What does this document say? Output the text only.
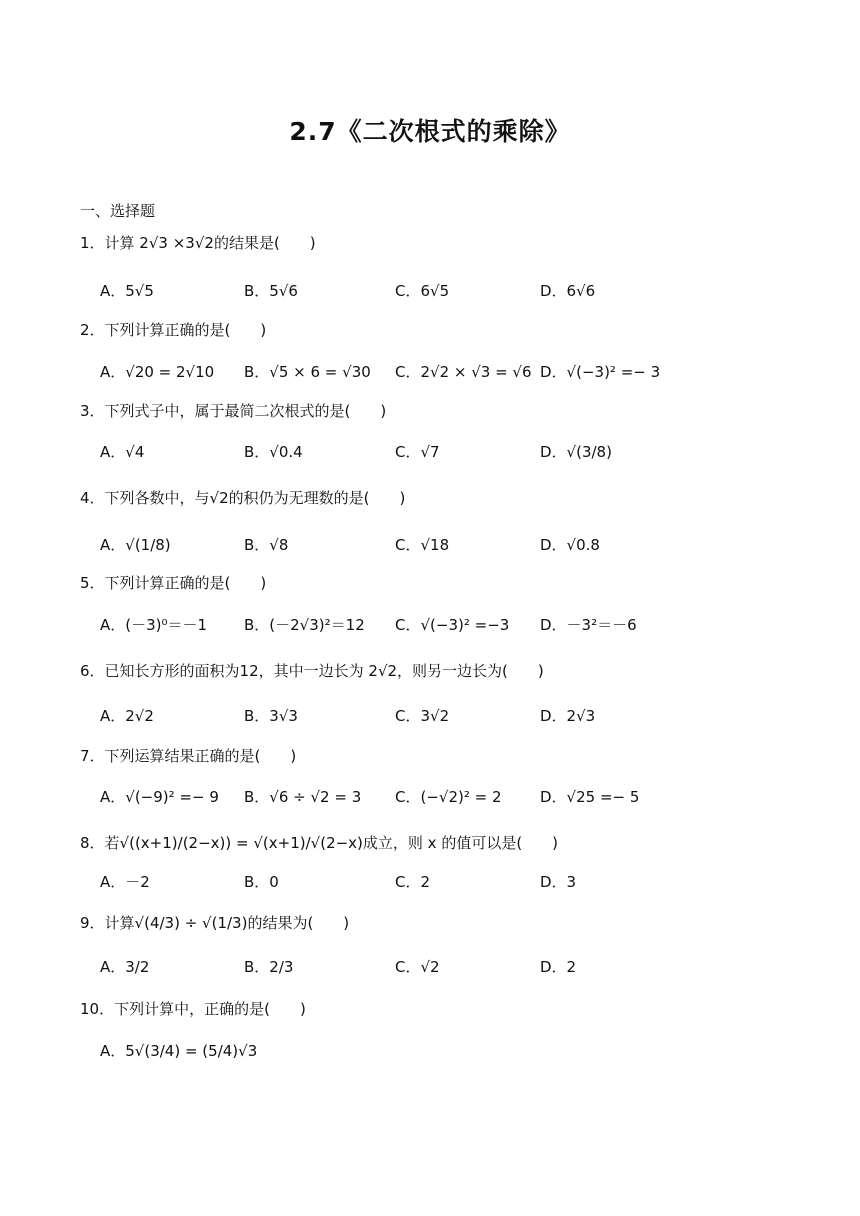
2.7《二次根式的乘除》
一、选择题
1．计算 2√3 ×3√2的结果是(　　)
A．5√5	B．5√6	C．6√5	D．6√6
2．下列计算正确的是(　　)
A．√20 = 2√10 B．√5 × 6 = √30 C．2√2 × √3 = √6 D．√(−3)² =− 3
3．下列式子中，属于最简二次根式的是(　　)
A．√4	B．√0.4	C．√7	D．√(3/8)
4．下列各数中，与√2的积仍为无理数的是(　　)
A．√(1/8)	B．√8	C．√18	D．√0.8
5．下列计算正确的是(　　)
A．(－3)⁰＝－1 B．(－2√3)²＝12 C．√(−3)² =−3 D．－3²＝－6
6．已知长方形的面积为12，其中一边长为 2√2，则另一边长为(　　)
A．2√2	B．3√3	C．3√2	D．2√3
7．下列运算结果正确的是(　　)
A．√(−9)² =− 9 B．√6 ÷ √2 = 3 C．(−√2)² = 2	D．√25 =− 5
8．若√((x+1)/(2−x)) = √(x+1)/√(2−x)成立，则 x 的值可以是(　　)
A．－2	B．0	C．2	D．3
9．计算√(4/3) ÷ √(1/3)的结果为(　　)
A．3/2	B．2/3	C．√2	D．2
10．下列计算中，正确的是(　　)
A．5√(3/4) = (5/4)√3
